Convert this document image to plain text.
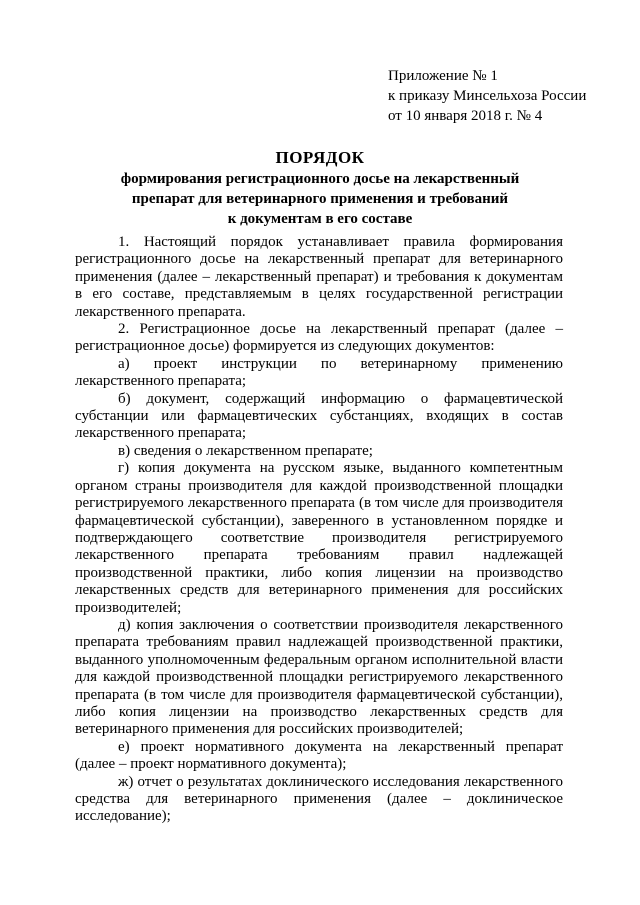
Приложение № 1
к приказу Минсельхоза России
от 10 января 2018 г. № 4
ПОРЯДОК
формирования регистрационного досье на лекарственный
препарат для ветеринарного применения и требований
к документам в его составе

1. Настоящий порядок устанавливает правила формирования регистрационного досье на лекарственный препарат для ветеринарного применения (далее – лекарственный препарат) и требования к документам в его составе, представляемым в целях государственной регистрации лекарственного препарата.

2. Регистрационное досье на лекарственный препарат (далее – регистрационное досье) формируется из следующих документов:

а) проект инструкции по ветеринарному применению лекарственного препарата;

б) документ, содержащий информацию о фармацевтической субстанции или фармацевтических субстанциях, входящих в состав лекарственного препарата;

в) сведения о лекарственном препарате;

г) копия документа на русском языке, выданного компетентным органом страны производителя для каждой производственной площадки регистрируемого лекарственного препарата (в том числе для производителя фармацевтической субстанции), заверенного в установленном порядке и подтверждающего соответствие производителя регистрируемого лекарственного препарата требованиям правил надлежащей производственной практики, либо копия лицензии на производство лекарственных средств для ветеринарного применения для российских производителей;

д) копия заключения о соответствии производителя лекарственного препарата требованиям правил надлежащей производственной практики, выданного уполномоченным федеральным органом исполнительной власти для каждой производственной площадки регистрируемого лекарственного препарата (в том числе для производителя фармацевтической субстанции), либо копия лицензии на производство лекарственных средств для ветеринарного применения для российских производителей;

е) проект нормативного документа на лекарственный препарат (далее – проект нормативного документа);

ж) отчет о результатах доклинического исследования лекарственного средства для ветеринарного применения (далее – доклиническое исследование);
